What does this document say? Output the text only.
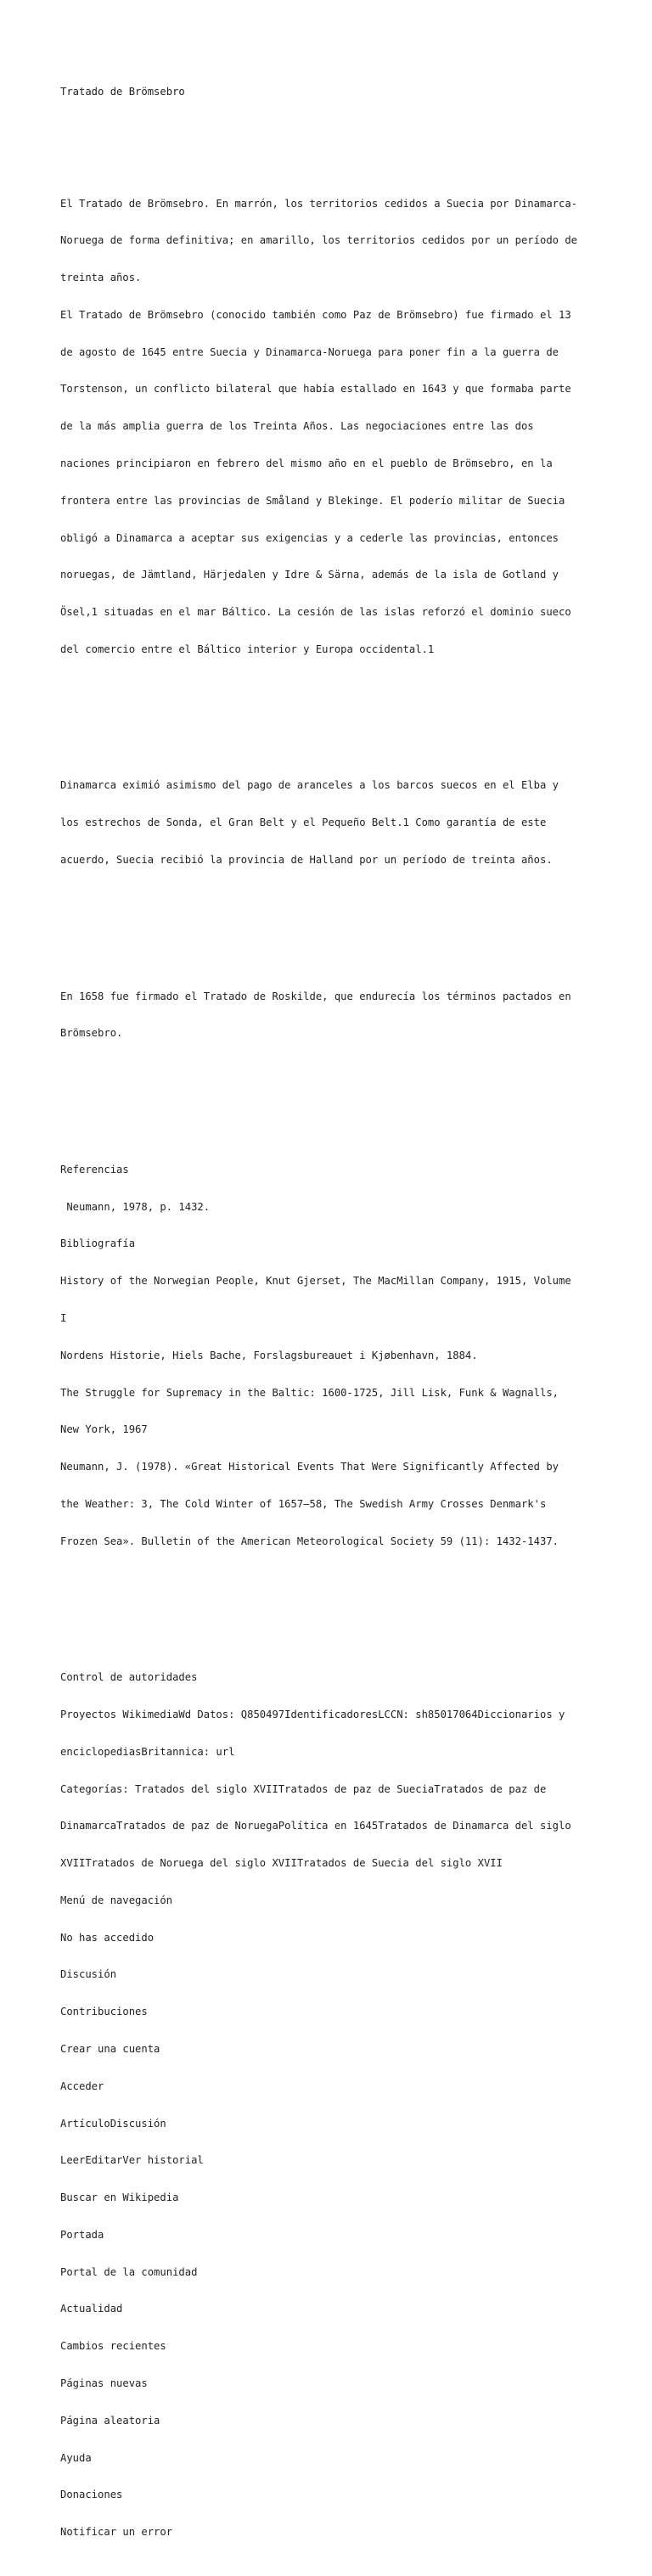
Tratado de Brömsebro

El Tratado de Brömsebro. En marrón, los territorios cedidos a Suecia por Dinamarca-

Noruega de forma definitiva; en amarillo, los territorios cedidos por un período de

treinta años.

El Tratado de Brömsebro (conocido también como Paz de Brömsebro) fue firmado el 13

de agosto de 1645 entre Suecia y Dinamarca-Noruega para poner fin a la guerra de

Torstenson, un conflicto bilateral que había estallado en 1643 y que formaba parte

de la más amplia guerra de los Treinta Años. Las negociaciones entre las dos

naciones principiaron en febrero del mismo año en el pueblo de Brömsebro, en la

frontera entre las provincias de Småland y Blekinge. El poderío militar de Suecia

obligó a Dinamarca a aceptar sus exigencias y a cederle las provincias, entonces

noruegas, de Jämtland, Härjedalen y Idre & Särna, además de la isla de Gotland y

Ösel,1 situadas en el mar Báltico. La cesión de las islas reforzó el dominio sueco

del comercio entre el Báltico interior y Europa occidental.1

Dinamarca eximió asimismo del pago de aranceles a los barcos suecos en el Elba y

los estrechos de Sonda, el Gran Belt y el Pequeño Belt.1 Como garantía de este

acuerdo, Suecia recibió la provincia de Halland por un período de treinta años.

En 1658 fue firmado el Tratado de Roskilde, que endurecía los términos pactados en

Brömsebro.

Referencias

Neumann, 1978, p. 1432.

Bibliografía

History of the Norwegian People, Knut Gjerset, The MacMillan Company, 1915, Volume

I

Nordens Historie, Hiels Bache, Forslagsbureauet i Kjøbenhavn, 1884.

The Struggle for Supremacy in the Baltic: 1600-1725, Jill Lisk, Funk & Wagnalls,

New York, 1967

Neumann, J. (1978). «Great Historical Events That Were Significantly Affected by

the Weather: 3, The Cold Winter of 1657—58, The Swedish Army Crosses Denmark's

Frozen Sea». Bulletin of the American Meteorological Society 59 (11): 1432-1437.

Control de autoridades

Proyectos WikimediaWd Datos: Q850497IdentificadoresLCCN: sh85017064Diccionarios y

enciclopediasBritannica: url

Categorías: Tratados del siglo XVIITratados de paz de SueciaTratados de paz de

DinamarcaTratados de paz de NoruegaPolítica en 1645Tratados de Dinamarca del siglo

XVIITratados de Noruega del siglo XVIITratados de Suecia del siglo XVII

Menú de navegación

No has accedido

Discusión

Contribuciones

Crear una cuenta

Acceder

ArtículoDiscusión

LeerEditarVer historial

Buscar en Wikipedia

Portada

Portal de la comunidad

Actualidad

Cambios recientes

Páginas nuevas

Página aleatoria

Ayuda

Donaciones

Notificar un error
